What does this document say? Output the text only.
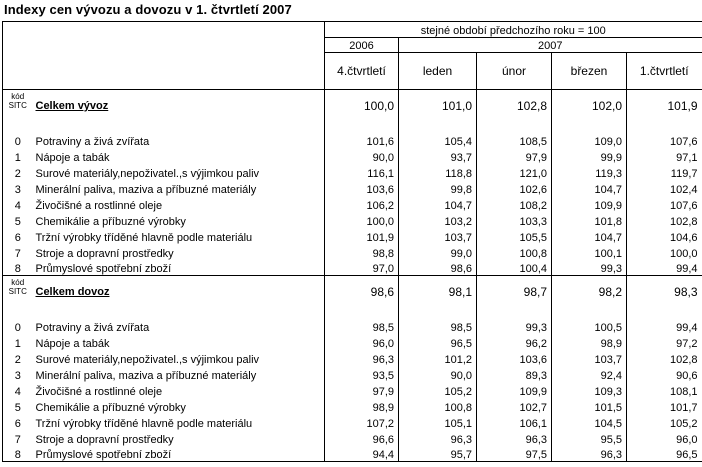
Indexy cen vývozu a dovozu v 1. čtvrtletí 2007
		stejné období předchozího roku = 100				
		2006	2007			
		4.čtvrtletí	leden	únor	březen	1.čtvrtletí

kód
SITC	Celkem vývoz	100,0	101,0	102,8	102,0	101,9
0	Potraviny a živá zvířata	101,6	105,4	108,5	109,0	107,6
1	Nápoje a tabák	90,0	93,7	97,9	99,9	97,1
2	Surové materiály,nepoživatel.,s výjimkou paliv	116,1	118,8	121,0	119,3	119,7
3	Minerální paliva, maziva a příbuzné materiály	103,6	99,8	102,6	104,7	102,4
4	Živočišné a rostlinné oleje	106,2	104,7	108,2	109,9	107,6
5	Chemikálie a příbuzné výrobky	100,0	103,2	103,3	101,8	102,8
6	Tržní výrobky tříděné hlavně podle materiálu	101,9	103,7	105,5	104,7	104,6
7	Stroje a dopravní prostředky	98,8	99,0	100,8	100,1	100,0
8	Průmyslové spotřební zboží	97,0	98,6	100,4	99,3	99,4

kód
SITC	Celkem dovoz	98,6	98,1	98,7	98,2	98,3
0	Potraviny a živá zvířata	98,5	98,5	99,3	100,5	99,4
1	Nápoje a tabák	96,0	96,5	96,2	98,9	97,2
2	Surové materiály,nepoživatel.,s výjimkou paliv	96,3	101,2	103,6	103,7	102,8
3	Minerální paliva, maziva a příbuzné materiály	93,5	90,0	89,3	92,4	90,6
4	Živočišné a rostlinné oleje	97,9	105,2	109,9	109,3	108,1
5	Chemikálie a příbuzné výrobky	98,9	100,8	102,7	101,5	101,7
6	Tržní výrobky tříděné hlavně podle materiálu	107,2	105,1	106,1	104,5	105,2
7	Stroje a dopravní prostředky	96,6	96,3	96,3	95,5	96,0
8	Průmyslové spotřební zboží	94,4	95,7	97,5	96,3	96,5
